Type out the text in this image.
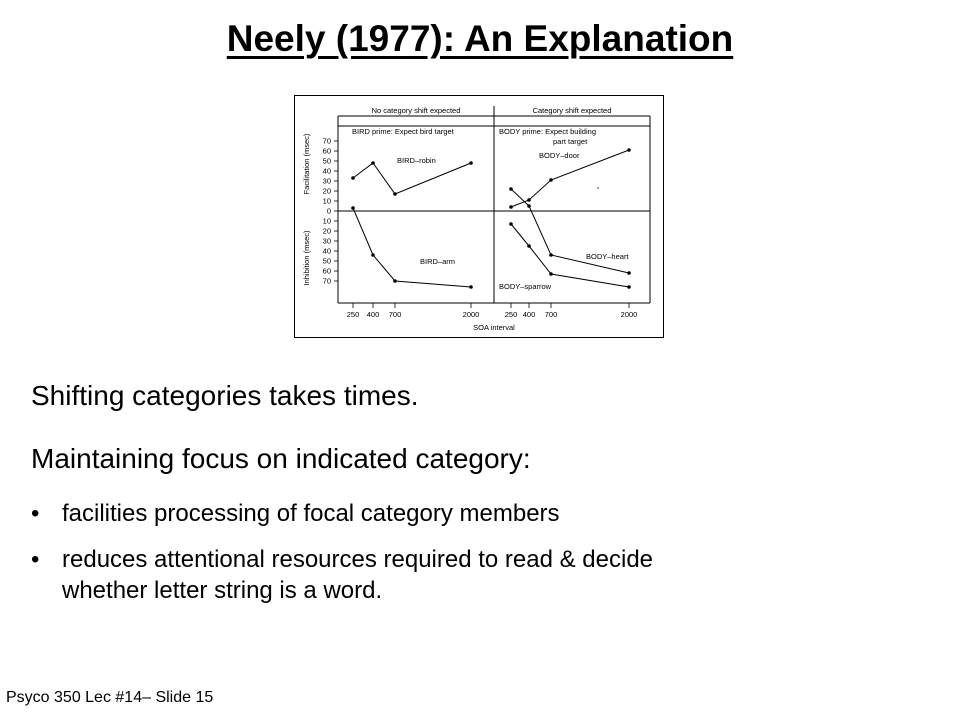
Neely (1977): An Explanation
No category shift expected	Category shift expected
BIRD prime: Expect bird target	BODY prime: Expect building
part target
Facilitation (msec)
Inhibition (msec)
70
60
50
40
30
20
10
0
10
20
30
40
50
60
70
250 400 700	2000	250 400 700	2000
SOA interval
BIRD–robin
BIRD–arm
BODY–door
BODY–heart
BODY–sparrow
Shifting categories takes times.
Maintaining focus on indicated category:
• facilities processing of focal category members
• reduces attentional resources required to read & decide
whether letter string is a word.
Psyco 350 Lec #14– Slide 15
